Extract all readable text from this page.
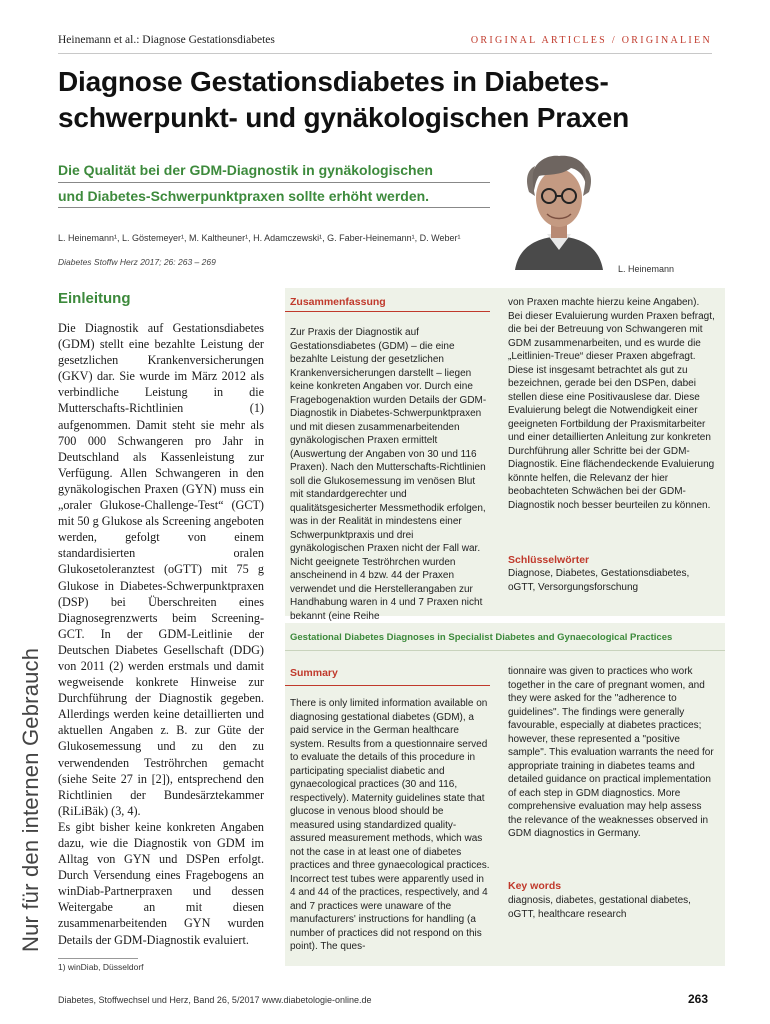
Heinemann et al.: Diagnose Gestationsdiabetes	ORIGINAL ARTICLES / ORIGINALIEN
Diagnose Gestationsdiabetes in Diabetes-
schwerpunkt- und gynäkologischen Praxen
Die Qualität bei der GDM-Diagnostik in gynäkologischen
und Diabetes-Schwerpunktpraxen sollte erhöht werden.
L. Heinemann¹, L. Göstemeyer¹, M. Kaltheuner¹, H. Adamczewski¹, G. Faber-Heinemann¹, D. Weber¹
Diabetes Stoffw Herz 2017; 26: 263 – 269
L. Heinemann
Nur für den internen Gebrauch
Einleitung

Die Diagnostik auf Gestationsdiabetes (GDM) stellt eine bezahlte Leistung der gesetzlichen Krankenversicherungen (GKV) dar. Sie wurde im März 2012 als verbindliche Leistung in die Mutterschafts-Richtlinien (1) aufgenommen. Damit steht sie mehr als 700 000 Schwangeren pro Jahr in Deutschland als Kassenleistung zur Verfügung. Allen Schwangeren in den gynäkologischen Praxen (GYN) muss ein „oraler Glukose-Challenge-Test“ (GCT) mit 50 g Glukose als Screening angeboten werden, gefolgt von einem standardisierten oralen Glukosetoleranztest (oGTT) mit 75 g Glukose in Diabetes-Schwerpunktpraxen (DSP) bei Überschreiten eines Diagnosegrenzwerts beim Screening-GCT. In der GDM-Leitlinie der Deutschen Diabetes Gesellschaft (DDG) von 2011 (2) werden erstmals und damit wegweisende konkrete Hinweise zur Durchführung der Diagnostik gegeben. Allerdings werden keine detaillierten und aktuellen Angaben z. B. zur Güte der Glukosemessung und zu den zu verwendenden Teströhrchen gemacht (siehe Seite 27 in [2]), entsprechend den Richtlinien der Bundesärztekammer (RiLiBäk) (3, 4).

Es gibt bisher keine konkreten Angaben dazu, wie die Diagnostik von GDM im Alltag von GYN und DSPen erfolgt. Durch Versendung eines Fragebogens an winDiab-Partnerpraxen und dessen Weitergabe an mit diesen zusammenarbeitenden GYN wurden Details der GDM-Diagnostik evaluiert.

Zusammenfassung
Zur Praxis der Diagnostik auf Gestationsdiabetes (GDM) – die eine bezahlte Leistung der gesetzlichen Krankenversicherungen darstellt – liegen keine konkreten Angaben vor. Durch eine Fragebogenaktion wurden Details der GDM-Diagnostik in Diabetes-Schwerpunktpraxen und mit diesen zusammenarbeitenden gynäkologischen Praxen ermittelt (Auswertung der Angaben von 30 und 116 Praxen). Nach den Mutterschafts-Richtlinien soll die Glukosemessung im venösen Blut mit standardgerechter und qualitätsgesicherter Messmethodik erfolgen, was in der Realität in mindestens einer Schwerpunktpraxis und drei gynäkologischen Praxen nicht der Fall war. Nicht geeignete Teströhrchen wurden anscheinend in 4 bzw. 44 der Praxen verwendet und die Herstellerangaben zur Handhabung waren in 4 und 7 Praxen nicht bekannt (eine Reihe
von Praxen machte hierzu keine Angaben). Bei dieser Evaluierung wurden Praxen befragt, die bei der Betreuung von Schwangeren mit GDM zusammenarbeiten, und es wurde die „Leitlinien-Treue“ dieser Praxen abgefragt. Diese ist insgesamt betrachtet als gut zu bezeichnen, gerade bei den DSPen, dabei stellen diese eine Positivauslese dar. Diese Evaluierung belegt die Notwendigkeit einer geeigneten Fortbildung der Praxismitarbeiter und einer detaillierten Anleitung zur konkreten Durchführung aller Schritte bei der GDM-Diagnostik. Eine flächendeckende Evaluierung könnte helfen, die Relevanz der hier beobachteten Schwächen bei der GDM-Diagnostik noch besser beurteilen zu können.
Schlüsselwörter
Diagnose, Diabetes, Gestationsdiabetes, oGTT, Versorgungsforschung
Gestational Diabetes Diagnoses in Specialist Diabetes and Gynaecological Practices
Summary
There is only limited information available on diagnosing gestational diabetes (GDM), a paid service in the German healthcare system. Results from a questionnaire served to evaluate the details of this procedure in participating specialist diabetic and gynaecological practices (30 and 116, respectively). Maternity guidelines state that glucose in venous blood should be measured using standardized quality-assured measurement methods, which was not the case in at least one of diabetes practices and three gynaecological practices. Incorrect test tubes were apparently used in 4 and 44 of the practices, respectively, and 4 and 7 practices were unaware of the manufacturers' instructions for handling (a number of practices did not respond on this point). The ques-
tionnaire was given to practices who work together in the care of pregnant women, and they were asked for the "adherence to guidelines". The findings were generally favourable, especially at diabetes practices; however, these represented a "positive sample". This evaluation warrants the need for appropriate training in diabetes teams and detailed guidance on practical implementation of each step in GDM diagnostics. More comprehensive evaluation may help assess the relevance of the weaknesses observed in GDM diagnostics in Germany.
Key words
diagnosis, diabetes, gestational diabetes, oGTT, healthcare research
1) winDiab, Düsseldorf
Diabetes, Stoffwechsel und Herz, Band 26, 5/2017 www.diabetologie-online.de	263
